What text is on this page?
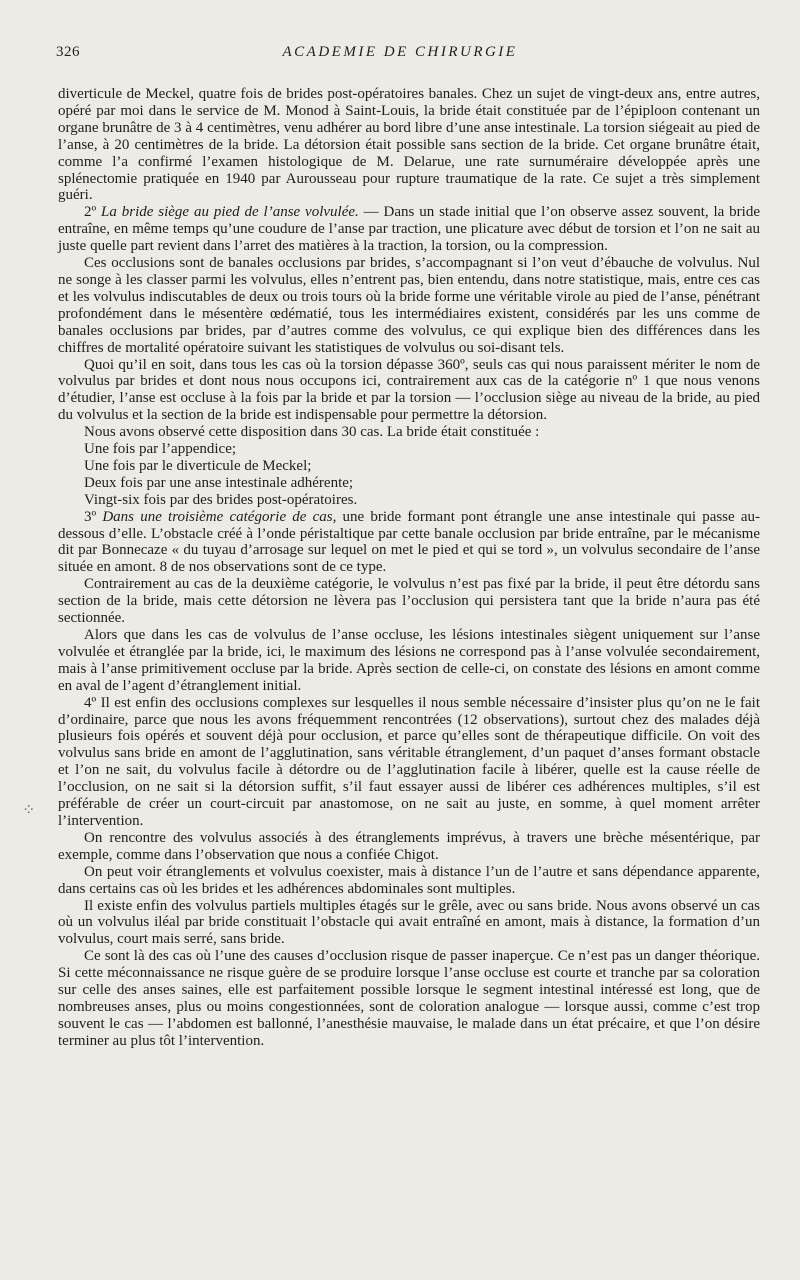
326	ACADEMIE DE CHIRURGIE

diverticule de Meckel, quatre fois de brides post-opératoires banales. Chez un sujet de vingt-deux ans, entre autres, opéré par moi dans le service de M. Monod à Saint-Louis, la bride était constituée par de l’épiploon contenant un organe brunâtre de 3 à 4 centimètres, venu adhérer au bord libre d’une anse intestinale. La torsion siégeait au pied de l’anse, à 20 centimètres de la bride. La détorsion était possible sans section de la bride. Cet organe brunâtre était, comme l’a confirmé l’examen histologique de M. Delarue, une rate surnuméraire développée après une splénectomie pratiquée en 1940 par Aurousseau pour rupture traumatique de la rate. Ce sujet a très simplement guéri.

2º La bride siège au pied de l’anse volvulée. — Dans un stade initial que l’on observe assez souvent, la bride entraîne, en même temps qu’une coudure de l’anse par traction, une plicature avec début de torsion et l’on ne sait au juste quelle part revient dans l’arret des matières à la traction, la torsion, ou la compression.

Ces occlusions sont de banales occlusions par brides, s’accompagnant si l’on veut d’ébauche de volvulus. Nul ne songe à les classer parmi les volvulus, elles n’entrent pas, bien entendu, dans notre statistique, mais, entre ces cas et les volvulus indiscutables de deux ou trois tours où la bride forme une véritable virole au pied de l’anse, pénétrant profondément dans le mésentère œdématié, tous les intermédiaires existent, considérés par les uns comme de banales occlusions par brides, par d’autres comme des volvulus, ce qui explique bien des différences dans les chiffres de mortalité opératoire suivant les statistiques de volvulus ou soi-disant tels.

Quoi qu’il en soit, dans tous les cas où la torsion dépasse 360º, seuls cas qui nous paraissent mériter le nom de volvulus par brides et dont nous nous occupons ici, contrairement aux cas de la catégorie nº 1 que nous venons d’étudier, l’anse est occluse à la fois par la bride et par la torsion — l’occlusion siège au niveau de la bride, au pied du volvulus et la section de la bride est indispensable pour permettre la détorsion.

Nous avons observé cette disposition dans 30 cas. La bride était constituée :

Une fois par l’appendice;

Une fois par le diverticule de Meckel;

Deux fois par une anse intestinale adhérente;

Vingt-six fois par des brides post-opératoires.

3º Dans une troisième catégorie de cas, une bride formant pont étrangle une anse intestinale qui passe au-dessous d’elle. L’obstacle créé à l’onde péristaltique par cette banale occlusion par bride entraîne, par le mécanisme dit par Bonnecaze « du tuyau d’arrosage sur lequel on met le pied et qui se tord », un volvulus secondaire de l’anse située en amont. 8 de nos observations sont de ce type.

Contrairement au cas de la deuxième catégorie, le volvulus n’est pas fixé par la bride, il peut être détordu sans section de la bride, mais cette détorsion ne lèvera pas l’occlusion qui persistera tant que la bride n’aura pas été sectionnée.

Alors que dans les cas de volvulus de l’anse occluse, les lésions intestinales siègent uniquement sur l’anse volvulée et étranglée par la bride, ici, le maximum des lésions ne correspond pas à l’anse volvulée secondairement, mais à l’anse primitivement occluse par la bride. Après section de celle-ci, on constate des lésions en amont comme en aval de l’agent d’étranglement initial.

4º Il est enfin des occlusions complexes sur lesquelles il nous semble nécessaire d’insister plus qu’on ne le fait d’ordinaire, parce que nous les avons fréquemment rencontrées (12 observations), surtout chez des malades déjà plusieurs fois opérés et souvent déjà pour occlusion, et parce qu’elles sont de thérapeutique difficile. On voit des volvulus sans bride en amont de l’agglutination, sans véritable étranglement, d’un paquet d’anses formant obstacle et l’on ne sait, du volvulus facile à détordre ou de l’agglutination facile à libérer, quelle est la cause réelle de l’occlusion, on ne sait si la détorsion suffit, s’il faut essayer aussi de libérer ces adhérences multiples, s’il est préférable de créer un court-circuit par anastomose, on ne sait au juste, en somme, à quel moment arrêter l’intervention.

On rencontre des volvulus associés à des étranglements imprévus, à travers une brèche mésentérique, par exemple, comme dans l’observation que nous a confiée Chigot.

On peut voir étranglements et volvulus coexister, mais à distance l’un de l’autre et sans dépendance apparente, dans certains cas où les brides et les adhérences abdominales sont multiples.

Il existe enfin des volvulus partiels multiples étagés sur le grêle, avec ou sans bride. Nous avons observé un cas où un volvulus iléal par bride constituait l’obstacle qui avait entraîné en amont, mais à distance, la formation d’un volvulus, court mais serré, sans bride.

Ce sont là des cas où l’une des causes d’occlusion risque de passer inaperçue. Ce n’est pas un danger théorique. Si cette méconnaissance ne risque guère de se produire lorsque l’anse occluse est courte et tranche par sa coloration sur celle des anses saines, elle est parfaitement possible lorsque le segment intestinal intéressé est long, que de nombreuses anses, plus ou moins congestionnées, sont de coloration analogue — lorsque aussi, comme c’est trop souvent le cas — l’abdomen est ballonné, l’anesthésie mauvaise, le malade dans un état précaire, et que l’on désire terminer au plus tôt l’intervention.

⁘
